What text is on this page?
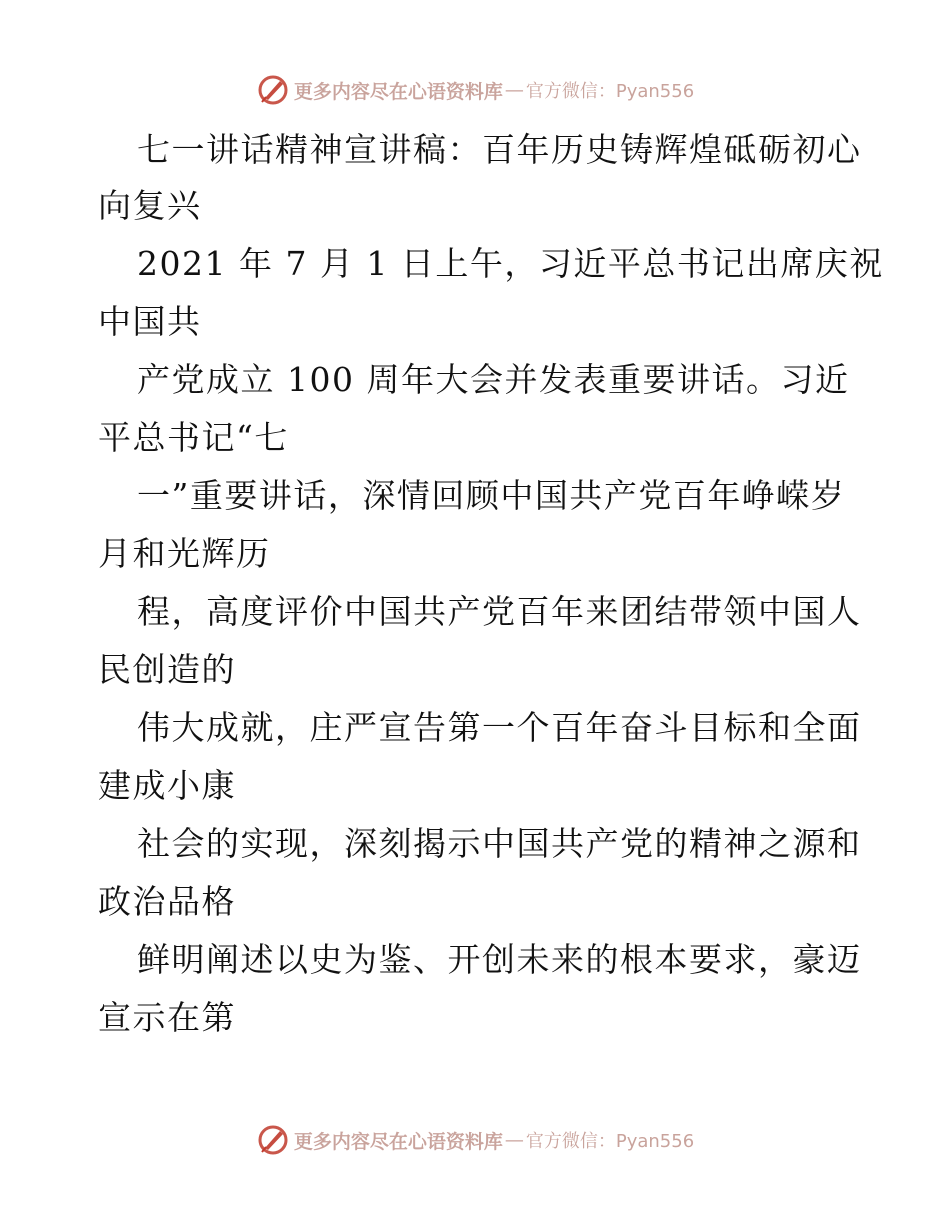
更多内容尽在心语资料库 — 官方微信：Pyan556
七一讲话精神宣讲稿：百年历史铸辉煌砥砺初心
向复兴
2021 年 7 月 1 日上午，习近平总书记出席庆祝
中国共
产党成立 100 周年大会并发表重要讲话。习近
平总书记“七
一”重要讲话，深情回顾中国共产党百年峥嵘岁
月和光辉历
程，高度评价中国共产党百年来团结带领中国人
民创造的
伟大成就，庄严宣告第一个百年奋斗目标和全面
建成小康
社会的实现，深刻揭示中国共产党的精神之源和
政治品格
鲜明阐述以史为鉴、开创未来的根本要求，豪迈
宣示在第
更多内容尽在心语资料库 — 官方微信：Pyan556
